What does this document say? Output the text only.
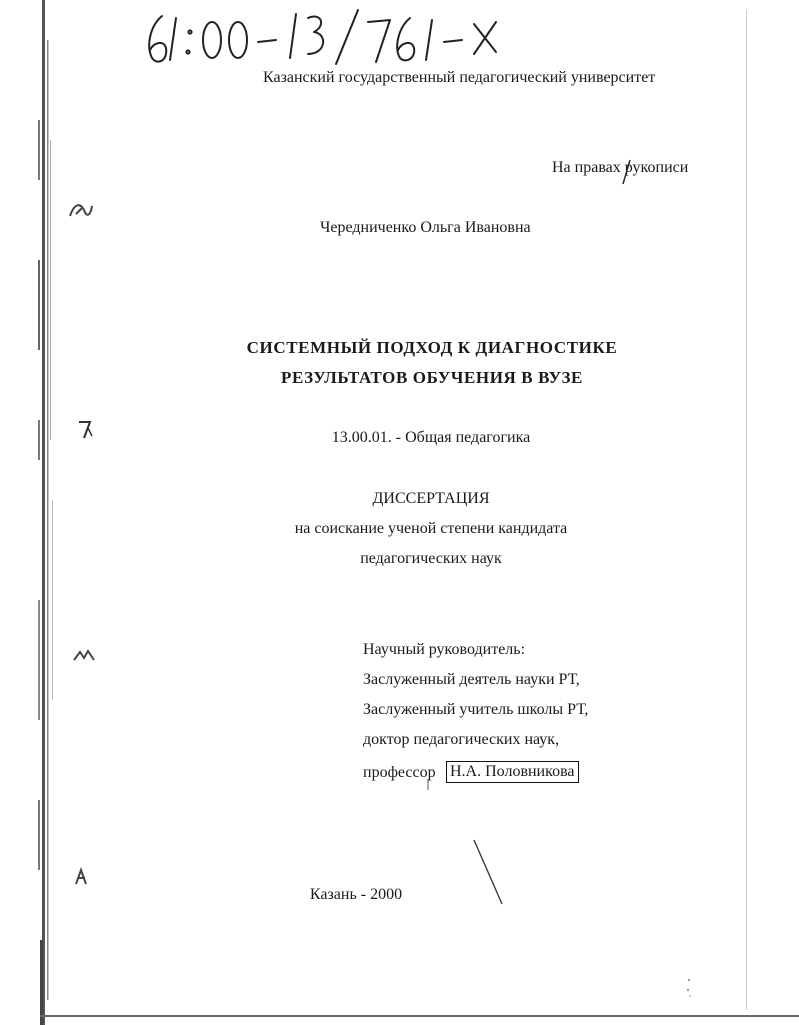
Казанский государственный педагогический университет
На правах рукописи
Чередниченко Ольга Ивановна
СИСТЕМНЫЙ ПОДХОД К ДИАГНОСТИКЕ
РЕЗУЛЬТАТОВ ОБУЧЕНИЯ В ВУЗЕ
13.00.01. - Общая педагогика
ДИССЕРТАЦИЯ
на соискание ученой степени кандидата
педагогических наук
Научный руководитель:
Заслуженный деятель науки РТ,
Заслуженный учитель школы РТ,
доктор педагогических наук,
профессор Н.А. Половникова
Казань - 2000
